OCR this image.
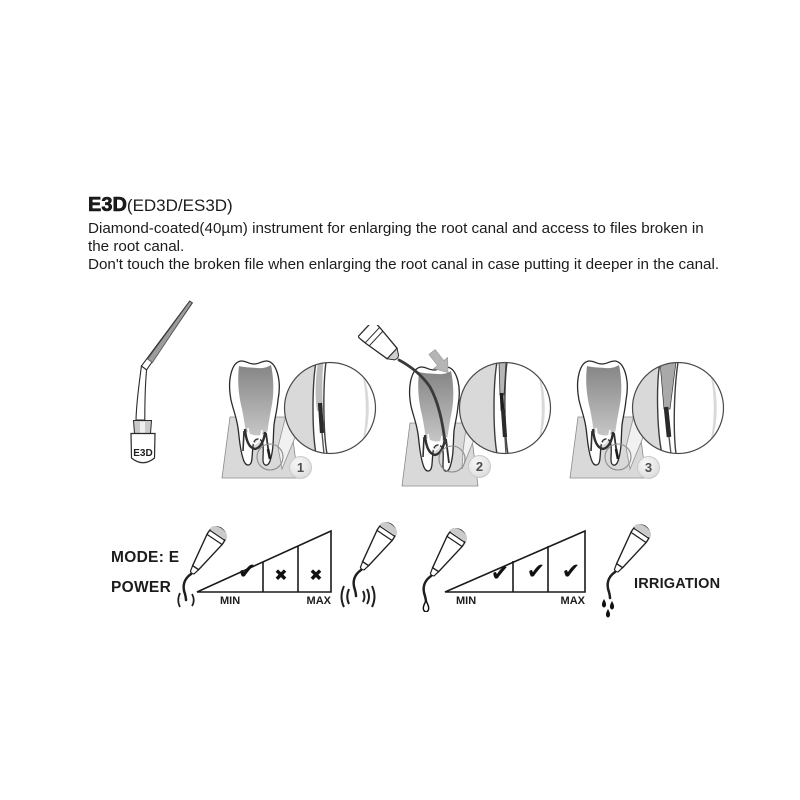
E3D(ED3D/ES3D)
Diamond-coated(40µm) instrument for enlarging the root canal and access to files broken in
the root canal.
Don't touch the broken file when enlarging the root canal in case putting it deeper in the canal.
E3D
1	2	3
MODE: E
POWER
✔ ✖ ✖
MIN	MAX
✔ ✔ ✔
MIN	MAX
IRRIGATION
